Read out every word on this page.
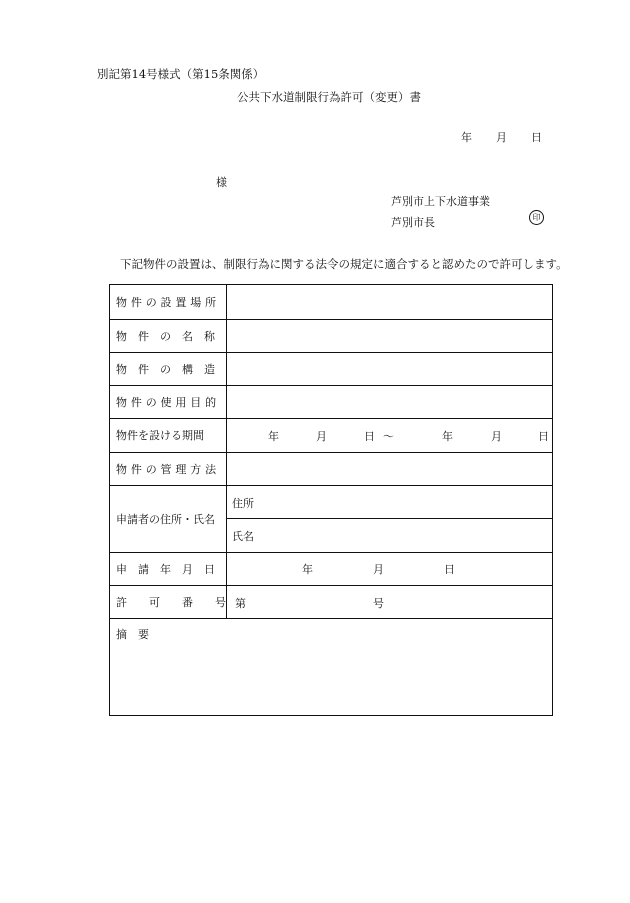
別記第14号様式（第15条関係）
公共下水道制限行為許可（変更）書
年 月 日
様
芦別市上下水道事業
芦別市長	印
下記物件の設置は、制限行為に関する法令の規定に適合すると認めたので許可します。
物件の設置場所
物　件　の　名　称
物　件　の　構　造
物件の使用目的
物件を設ける期間	年	月	日 〜	年	月	日
物件の管理方法
申請者の住所・氏名
住所
氏名
申　請　年　月　日	年	月	日
許　　可　　番　　号 第	号
摘　要
